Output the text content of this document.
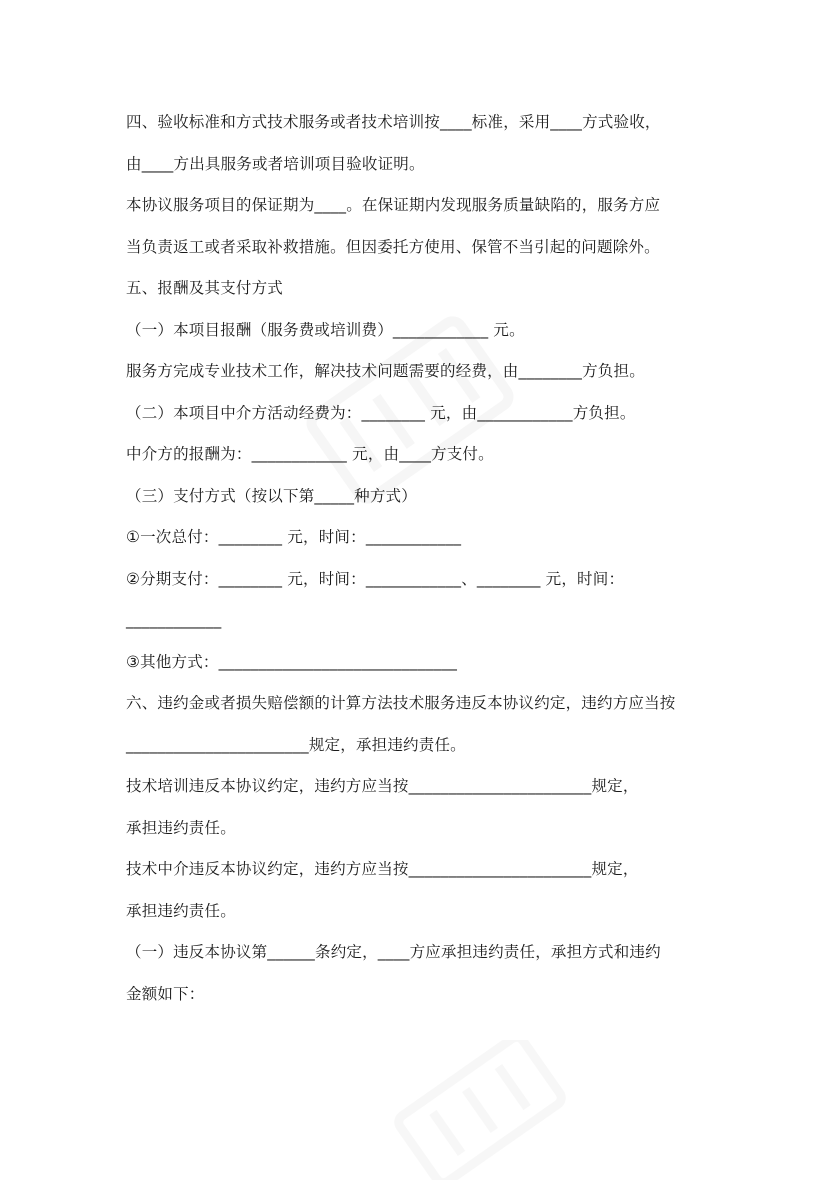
四、验收标准和方式技术服务或者技术培训按____标准，采用____方式验收，
由____方出具服务或者培训项目验收证明。
本协议服务项目的保证期为____。在保证期内发现服务质量缺陷的，服务方应
当负责返工或者采取补救措施。但因委托方使用、保管不当引起的问题除外。
五、报酬及其支付方式
（一）本项目报酬（服务费或培训费）____________ 元。
服务方完成专业技术工作，解决技术问题需要的经费，由________方负担。
（二）本项目中介方活动经费为：________ 元，由____________方负担。
中介方的报酬为：____________ 元，由____方支付。
（三）支付方式（按以下第_____种方式）
①一次总付：________ 元，时间：____________
②分期支付：________ 元，时间：____________、________ 元，时间：
____________
③其他方式：______________________________
六、违约金或者损失赔偿额的计算方法技术服务违反本协议约定，违约方应当按
_______________________规定，承担违约责任。
技术培训违反本协议约定，违约方应当按_______________________规定，
承担违约责任。
技术中介违反本协议约定，违约方应当按_______________________规定，
承担违约责任。
（一）违反本协议第______条约定，____方应承担违约责任，承担方式和违约
金额如下：
